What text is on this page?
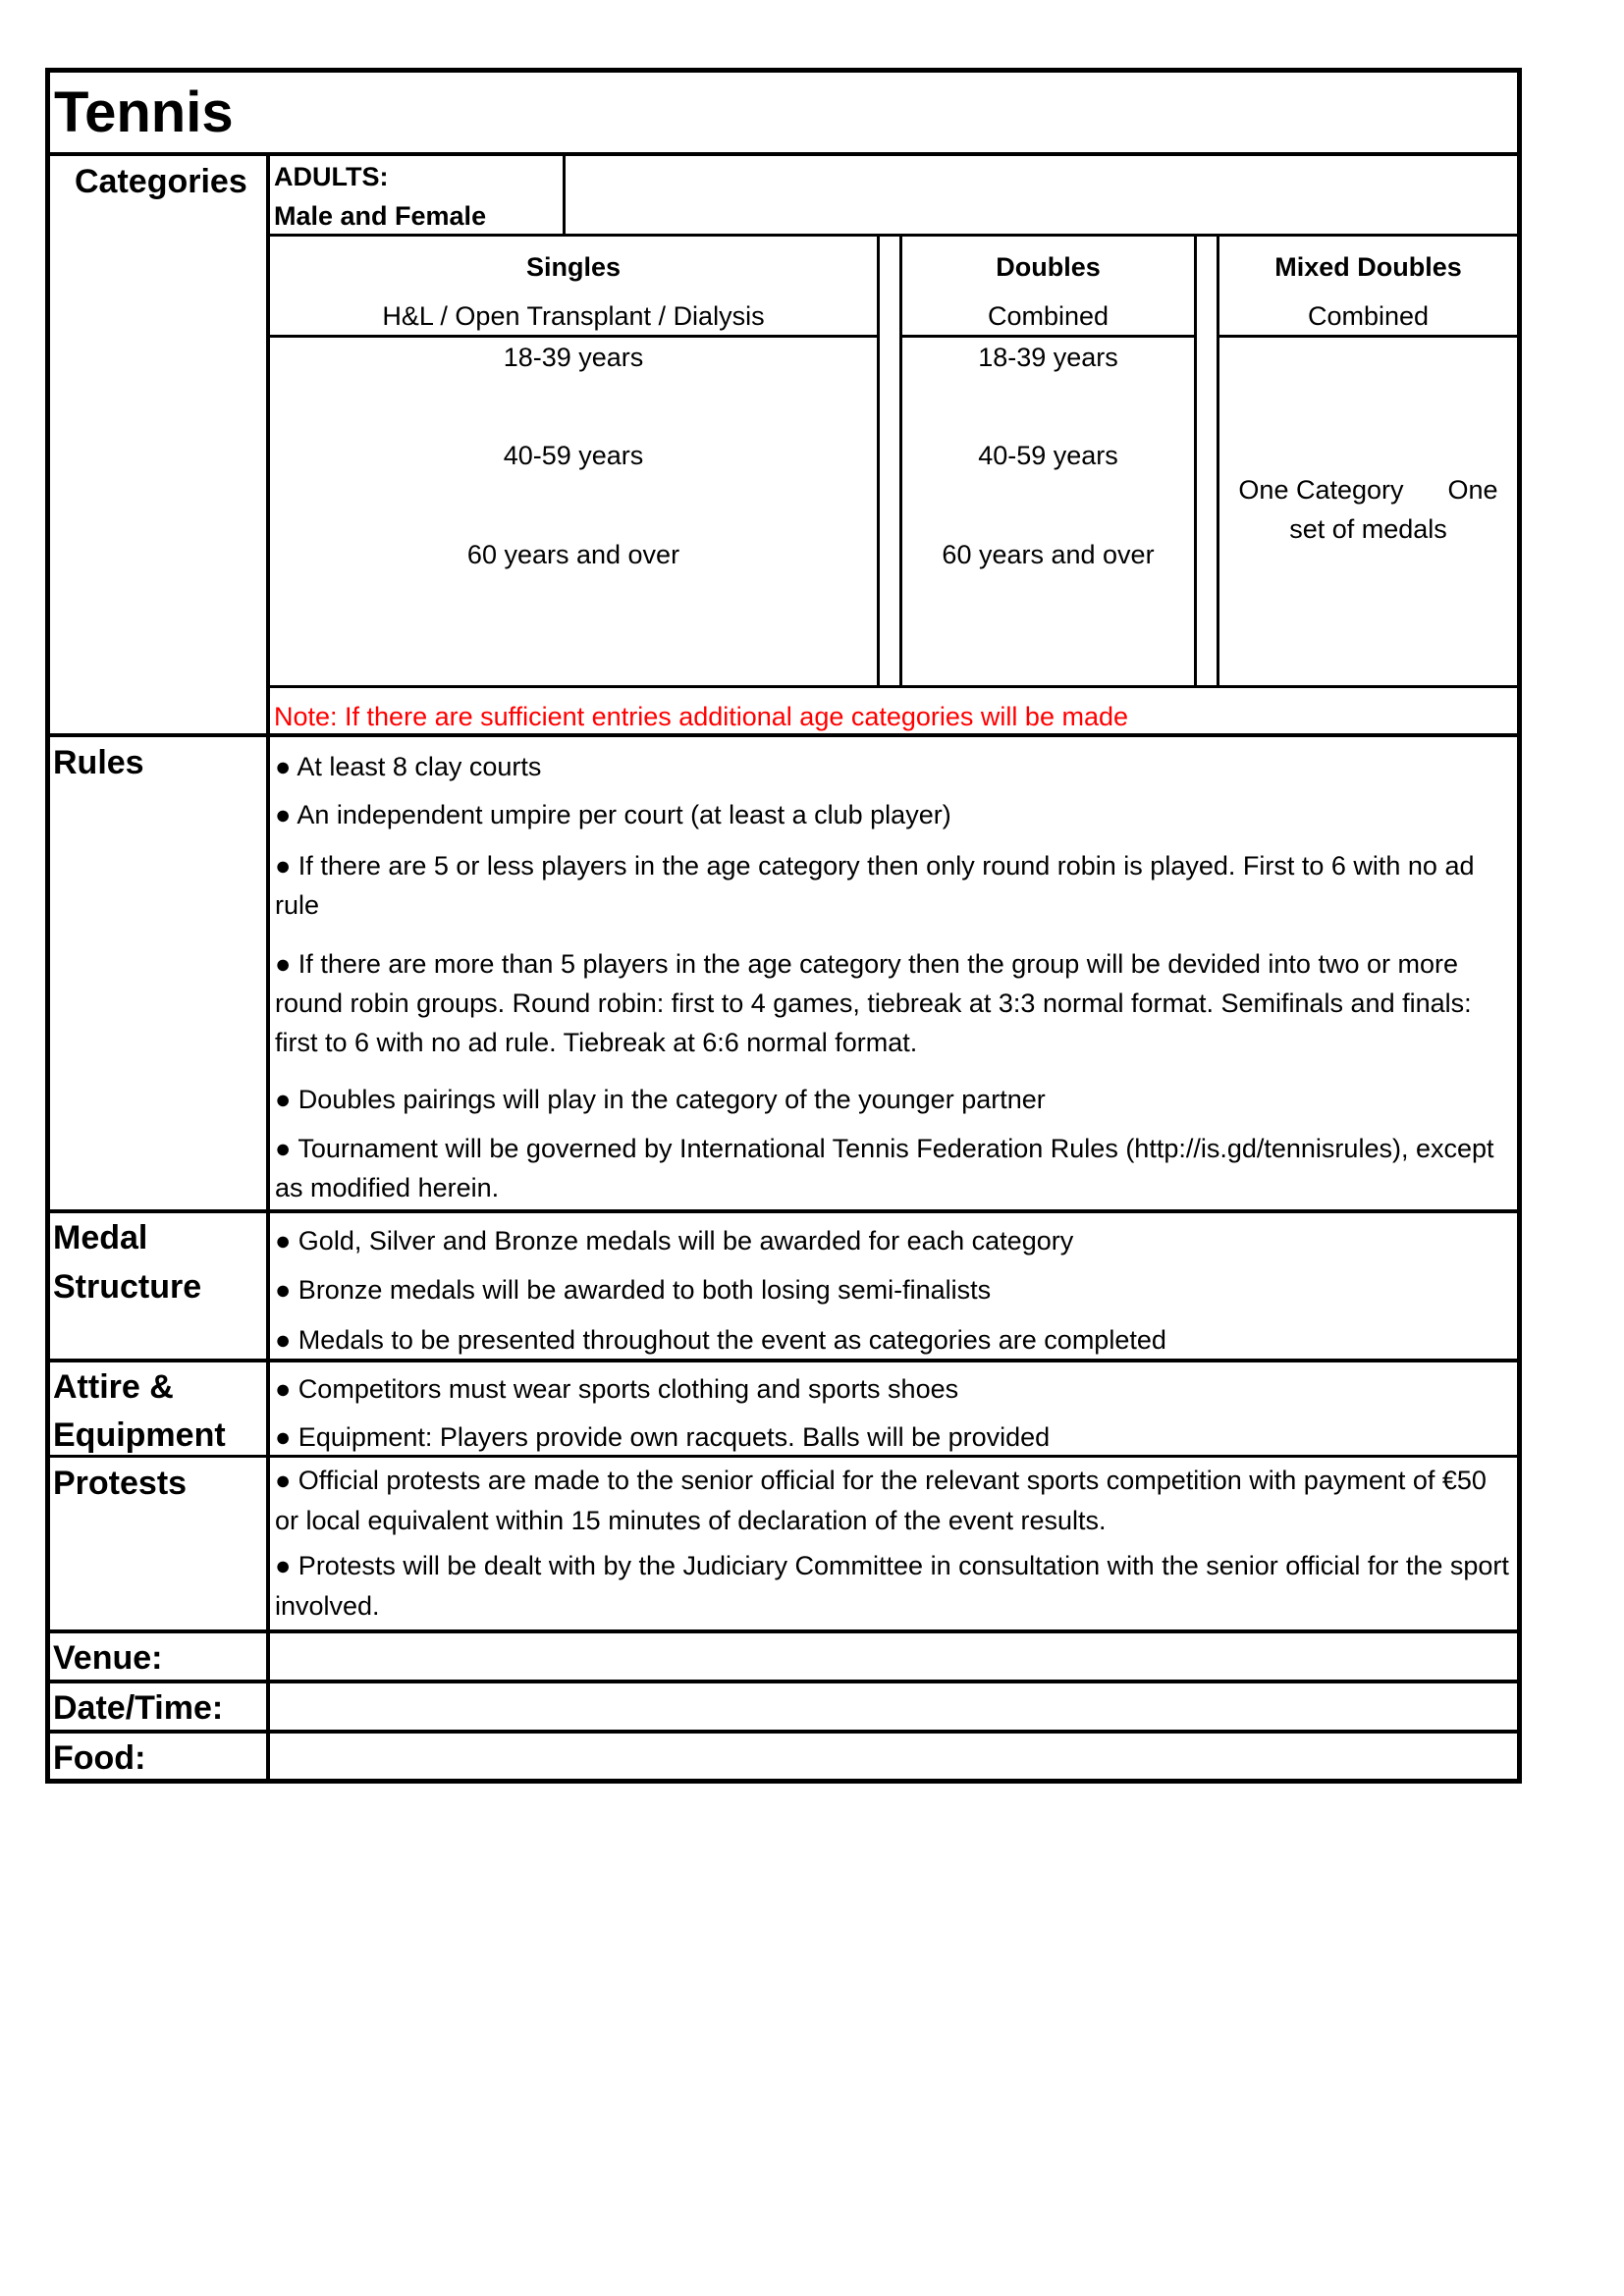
Tennis
Categories ADULTS:
Male and Female
Singles
H&L / Open Transplant / Dialysis
18-39 years
40-59 years
60 years and over
Doubles
Combined
18-39 years
40-59 years
60 years and over
Mixed Doubles
Combined
One Category      One
set of medals
Note: If there are sufficient entries additional age categories will be made
Rules	● At least 8 clay courts
● An independent umpire per court (at least a club player)
● If there are 5 or less players in the age category then only round robin is played. First to 6 with no ad rule
● If there are more than 5 players in the age category then the group will be devided into two or more round robin groups. Round robin: first to 4 games, tiebreak at 3:3 normal format. Semifinals and finals: first to 6 with no ad rule. Tiebreak at 6:6 normal format.
● Doubles pairings will play in the category of the younger partner
● Tournament will be governed by International Tennis Federation Rules (http://is.gd/tennisrules), except as modified herein.
Medal
Structure
● Gold, Silver and Bronze medals will be awarded for each category
● Bronze medals will be awarded to both losing semi-finalists
● Medals to be presented throughout the event as categories are completed
Attire &
Equipment
● Competitors must wear sports clothing and sports shoes
● Equipment: Players provide own racquets. Balls will be provided
Protests	● Official protests are made to the senior official for the relevant sports competition with payment of €50 or local equivalent within 15 minutes of declaration of the event results.
● Protests will be dealt with by the Judiciary Committee in consultation with the senior official for the sport involved.
Venue:
Date/Time:
Food:
